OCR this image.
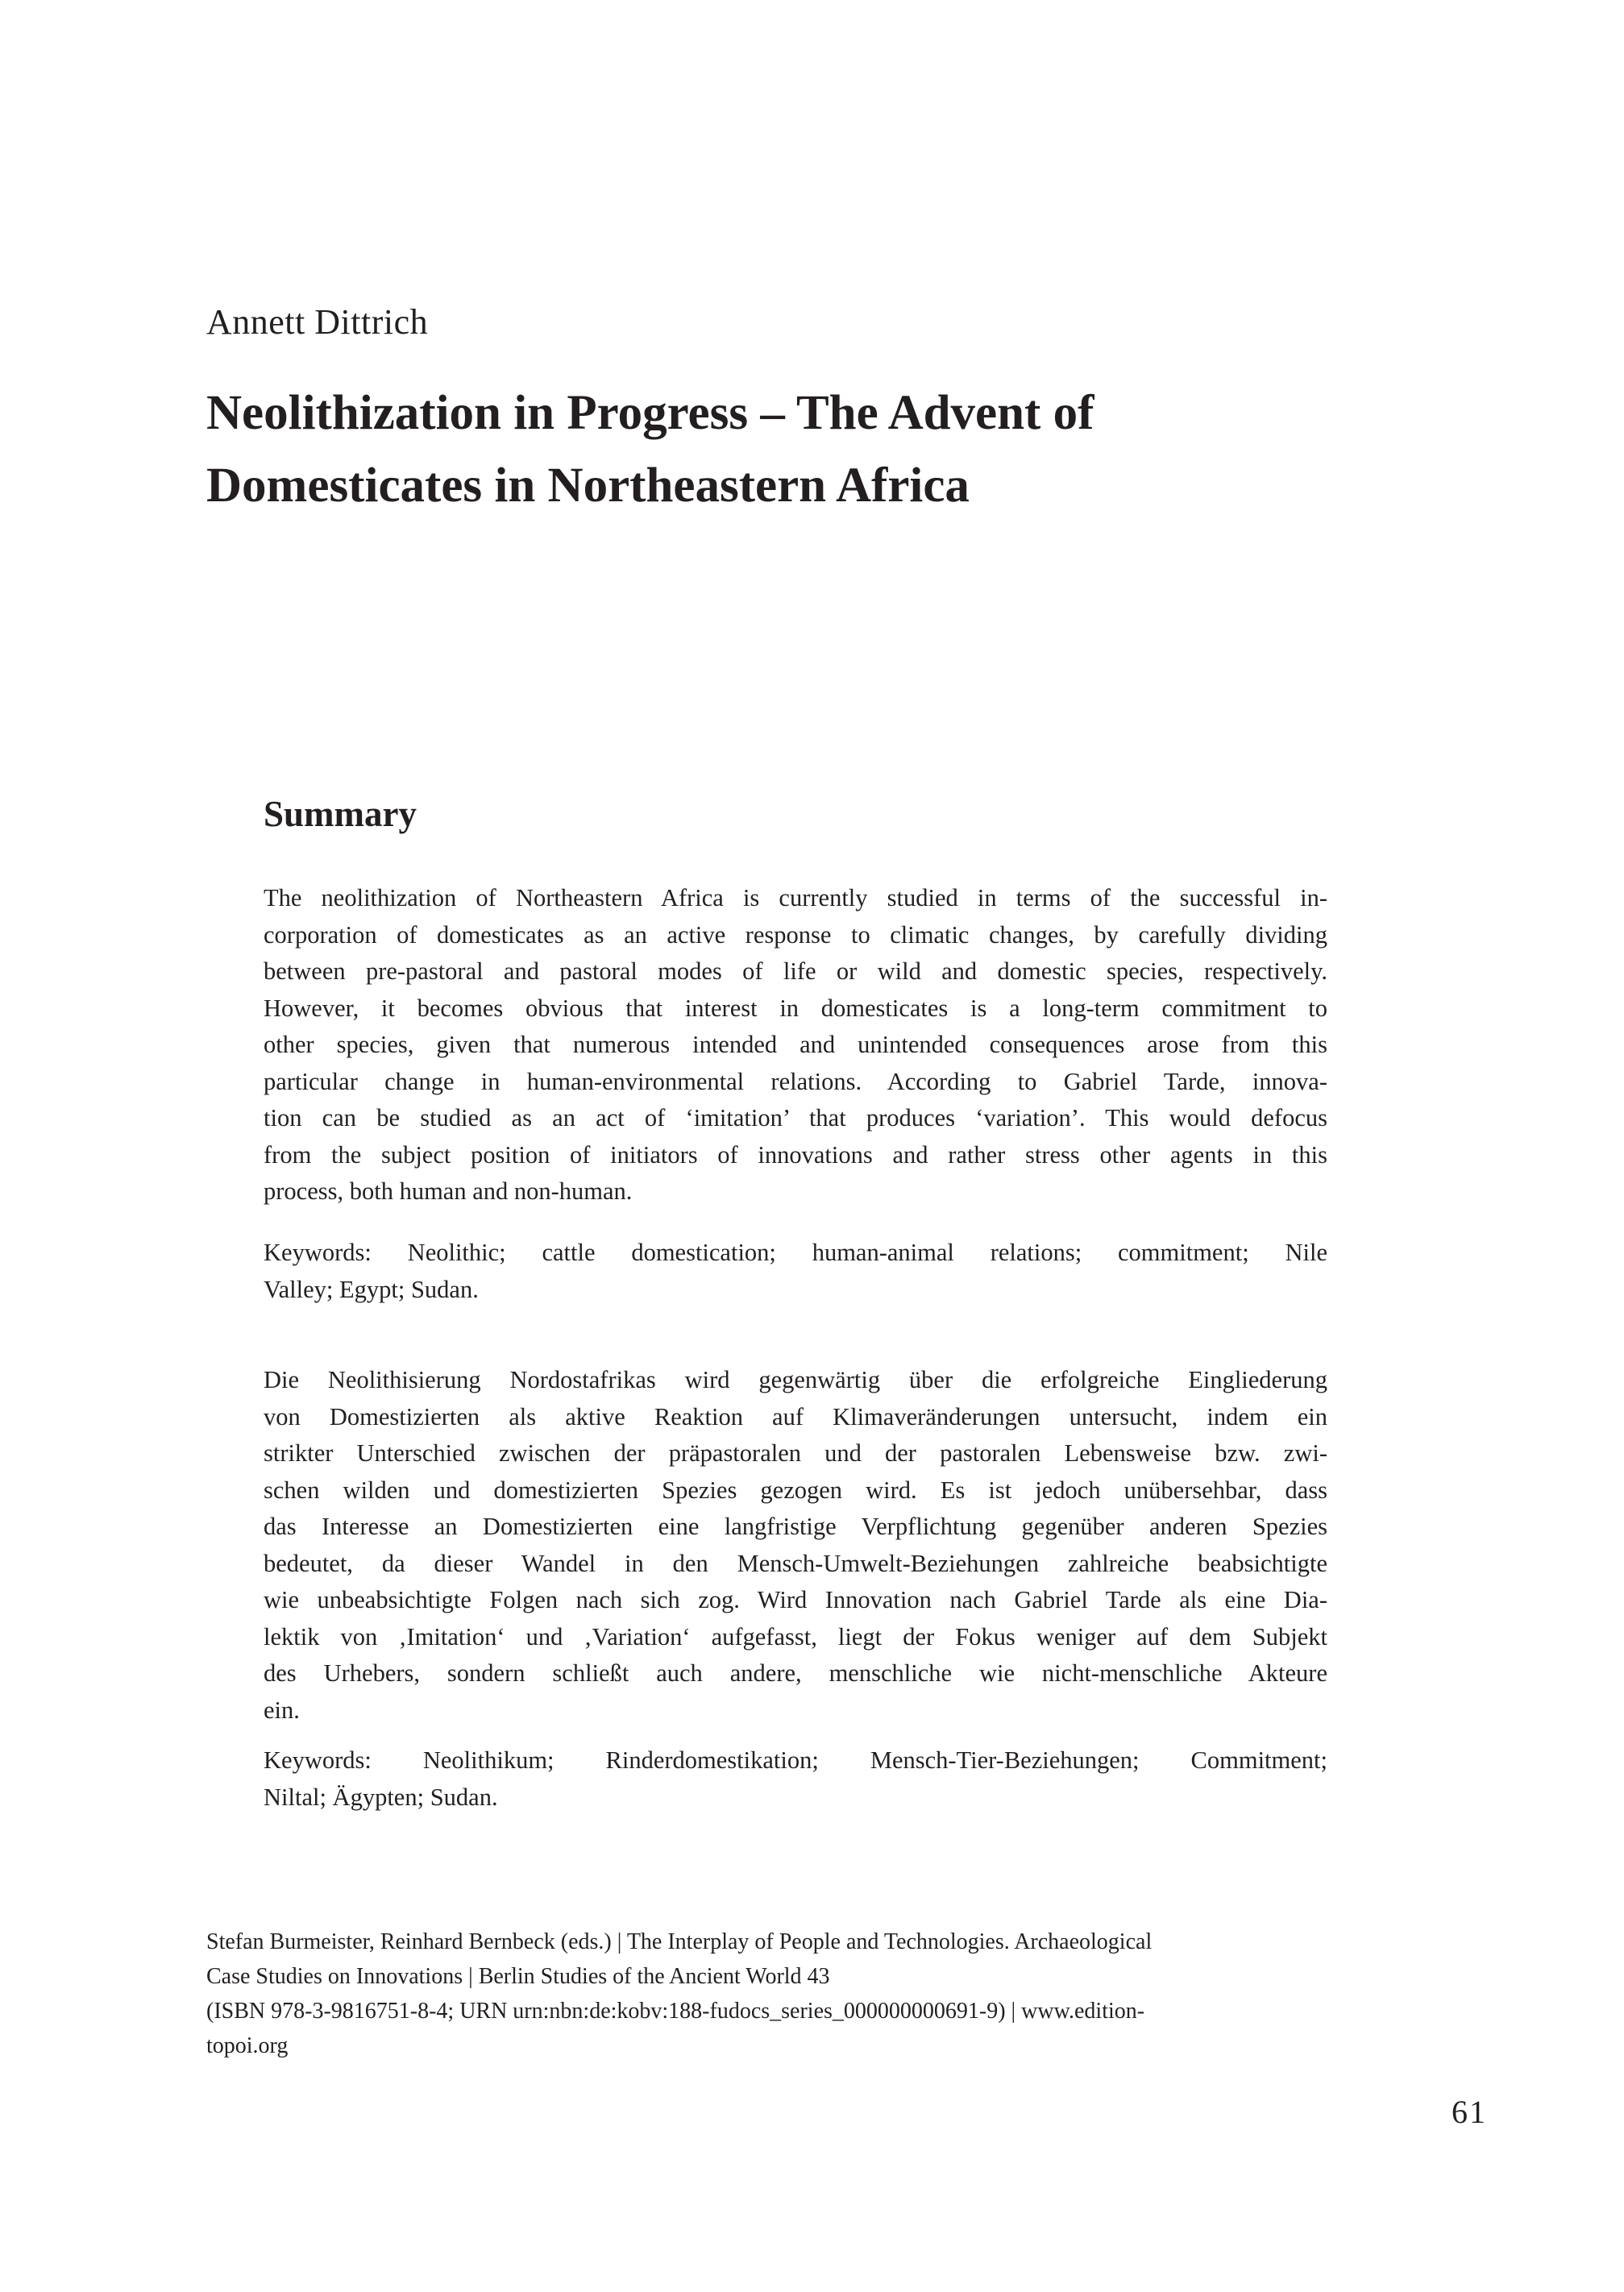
Annett Dittrich
Neolithization in Progress – The Advent of
Domesticates in Northeastern Africa
Summary
The neolithization of Northeastern Africa is currently studied in terms of the successful in-
corporation of domesticates as an active response to climatic changes, by carefully dividing
between pre-pastoral and pastoral modes of life or wild and domestic species, respectively.
However, it becomes obvious that interest in domesticates is a long-term commitment to
other species, given that numerous intended and unintended consequences arose from this
particular change in human-environmental relations. According to Gabriel Tarde, innova-
tion can be studied as an act of ‘imitation’ that produces ‘variation’. This would defocus
from the subject position of initiators of innovations and rather stress other agents in this
process, both human and non-human.
Keywords: Neolithic; cattle domestication; human-animal relations; commitment; Nile
Valley; Egypt; Sudan.
Die Neolithisierung Nordostafrikas wird gegenwärtig über die erfolgreiche Eingliederung
von Domestizierten als aktive Reaktion auf Klimaveränderungen untersucht, indem ein
strikter Unterschied zwischen der präpastoralen und der pastoralen Lebensweise bzw. zwi-
schen wilden und domestizierten Spezies gezogen wird. Es ist jedoch unübersehbar, dass
das Interesse an Domestizierten eine langfristige Verpflichtung gegenüber anderen Spezies
bedeutet, da dieser Wandel in den Mensch-Umwelt-Beziehungen zahlreiche beabsichtigte
wie unbeabsichtigte Folgen nach sich zog. Wird Innovation nach Gabriel Tarde als eine Dia-
lektik von ‚Imitation‘ und ‚Variation‘ aufgefasst, liegt der Fokus weniger auf dem Subjekt
des Urhebers, sondern schließt auch andere, menschliche wie nicht-menschliche Akteure
ein.
Keywords: Neolithikum; Rinderdomestikation; Mensch-Tier-Beziehungen; Commitment;
Niltal; Ägypten; Sudan.
Stefan Burmeister, Reinhard Bernbeck (eds.) | The Interplay of People and Technologies. Archaeological
Case Studies on Innovations | Berlin Studies of the Ancient World 43
(ISBN 978-3-9816751-8-4; URN urn:nbn:de:kobv:188-fudocs_series_000000000691-9) | www.edition-
topoi.org
61
